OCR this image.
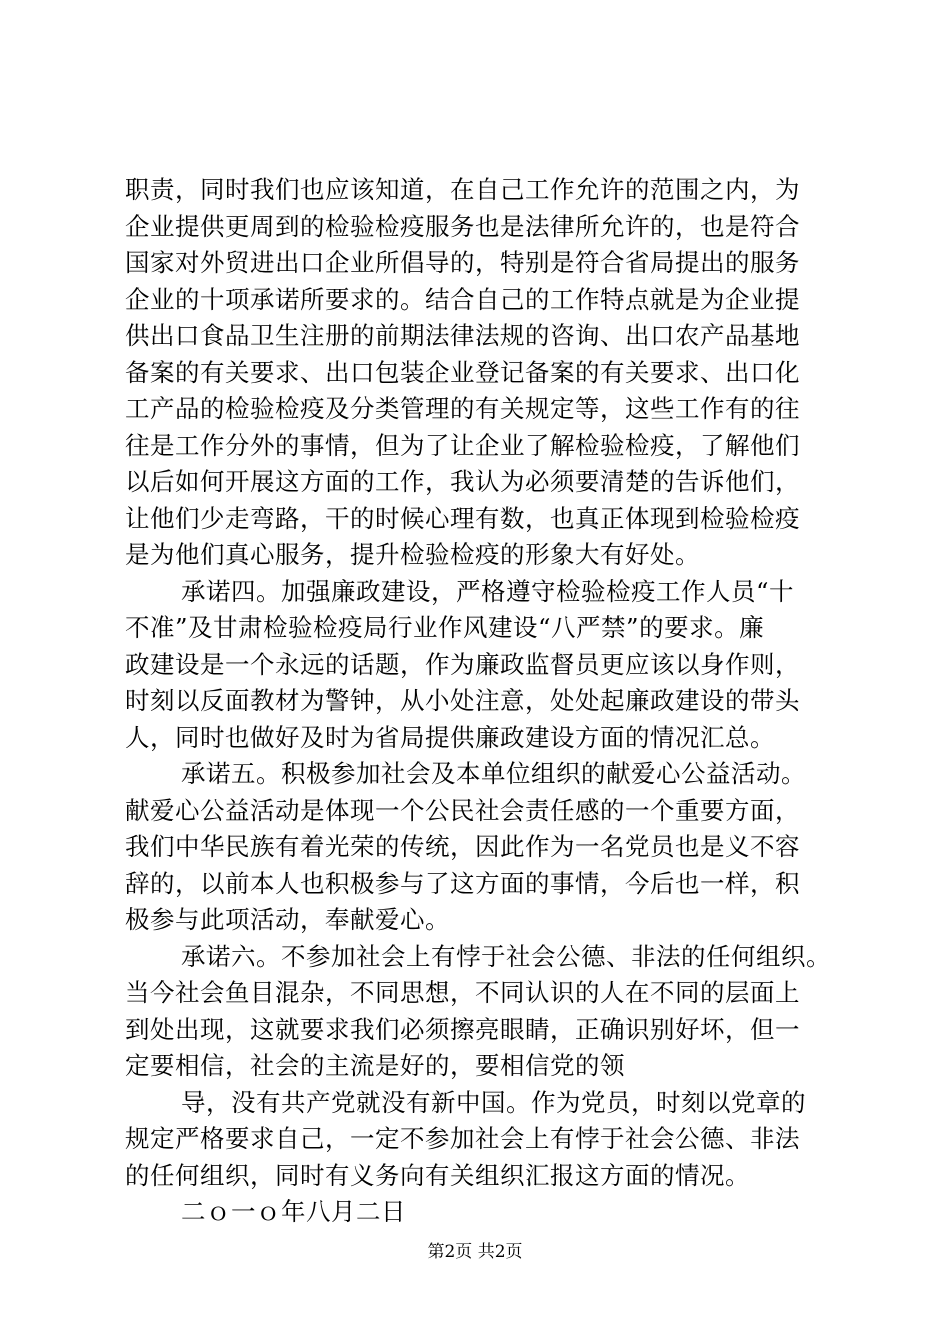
职责，同时我们也应该知道，在自己工作允许的范围之内，为
企业提供更周到的检验检疫服务也是法律所允许的，也是符合
国家对外贸进出口企业所倡导的，特别是符合省局提出的服务
企业的十项承诺所要求的。结合自己的工作特点就是为企业提
供出口食品卫生注册的前期法律法规的咨询、出口农产品基地
备案的有关要求、出口包装企业登记备案的有关要求、出口化
工产品的检验检疫及分类管理的有关规定等，这些工作有的往
往是工作分外的事情，但为了让企业了解检验检疫，了解他们
以后如何开展这方面的工作，我认为必须要清楚的告诉他们，
让他们少走弯路，干的时候心理有数，也真正体现到检验检疫
是为他们真心服务，提升检验检疫的形象大有好处。
承诺四。加强廉政建设，严格遵守检验检疫工作人员“十
不准”及甘肃检验检疫局行业作风建设“八严禁”的要求。廉
政建设是一个永远的话题，作为廉政监督员更应该以身作则，
时刻以反面教材为警钟，从小处注意，处处起廉政建设的带头
人，同时也做好及时为省局提供廉政建设方面的情况汇总。
承诺五。积极参加社会及本单位组织的献爱心公益活动。
献爱心公益活动是体现一个公民社会责任感的一个重要方面，
我们中华民族有着光荣的传统，因此作为一名党员也是义不容
辞的，以前本人也积极参与了这方面的事情，今后也一样，积
极参与此项活动，奉献爱心。
承诺六。不参加社会上有悖于社会公德、非法的任何组织。
当今社会鱼目混杂，不同思想，不同认识的人在不同的层面上
到处出现，这就要求我们必须擦亮眼睛，正确识别好坏，但一
定要相信，社会的主流是好的，要相信党的领
导，没有共产党就没有新中国。作为党员，时刻以党章的
规定严格要求自己，一定不参加社会上有悖于社会公德、非法
的任何组织，同时有义务向有关组织汇报这方面的情况。
二ｏ一ｏ年八月二日
第2页 共2页
